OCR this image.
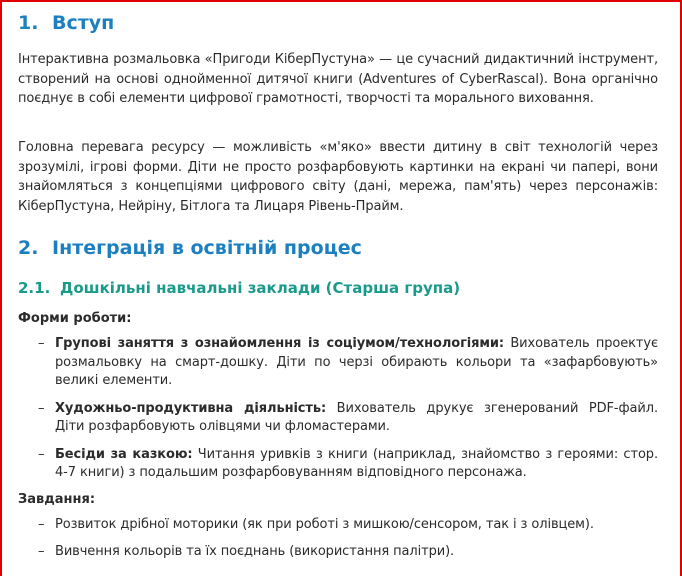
1. Вступ

Інтерактивна розмальовка «Пригоди КіберПустуна» — це сучасний дидактичний інструмент, створений на основі однойменної дитячої книги (Adventures of CyberRascal). Вона органічно поєднує в собі елементи цифрової грамотності, творчості та морального виховання.

Головна перевага ресурсу — можливість «м'яко» ввести дитину в світ технологій через зрозумілі, ігрові форми. Діти не просто розфарбовують картинки на екрані чи папері, вони знайомляться з концепціями цифрового світу (дані, мережа, пам'ять) через персонажів: КіберПустуна, Нейріну, Бітлога та Лицаря Рівень-Прайм.

2. Інтеграція в освітній процес
2.1. Дошкільні навчальні заклади (Старша група)

Форми роботи:

– Групові заняття з ознайомлення із соціумом/технологіями: Вихователь проектує розмальовку на смарт-дошку. Діти по черзі обирають кольори та «зафарбовують» великі елементи.
– Художньо-продуктивна діяльність: Вихователь друкує згенерований PDF-файл. Діти розфарбовують олівцями чи фломастерами.
– Бесіди за казкою: Читання уривків з книги (наприклад, знайомство з героями: стор. 4-7 книги) з подальшим розфарбовуванням відповідного персонажа.

Завдання:

– Розвиток дрібної моторики (як при роботі з мишкою/сенсором, так і з олівцем).
– Вивчення кольорів та їх поєднань (використання палітри).
